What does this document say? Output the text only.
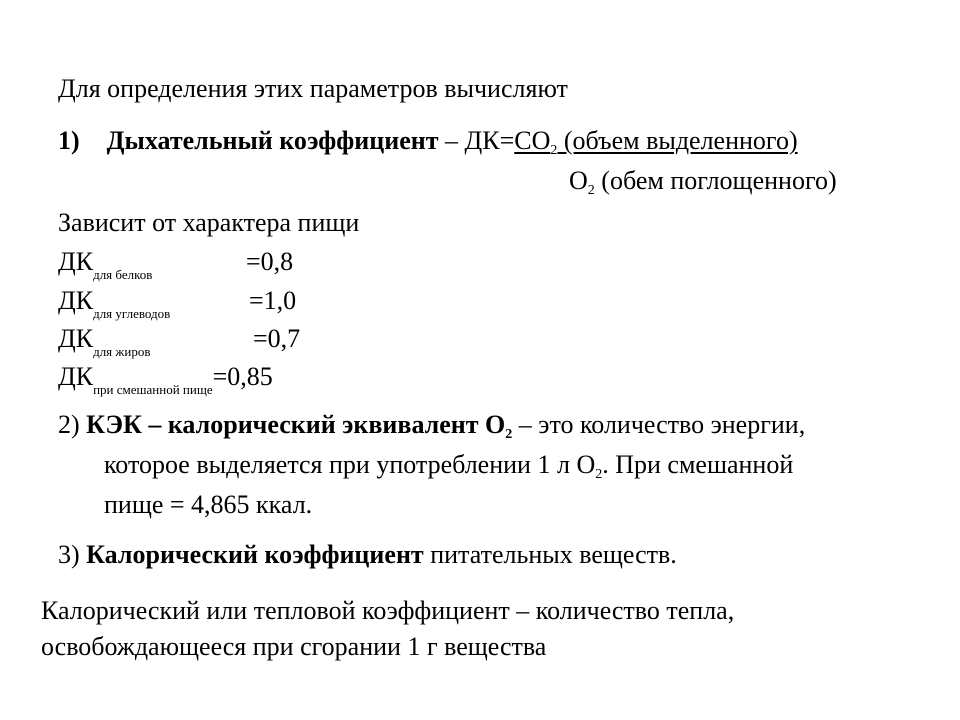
Для определения этих параметров вычисляют
1) Дыхательный коэффициент – $ДК=CO_2$ (объем выделенного)
$O_2$ (обем поглощенного)
Зависит от характера пищи
$ДК_{для белков}$	=0,8
$ДК_{для углеводов}$	=1,0
$ДК_{для жиров}$	=0,7
$ДК_{при смешанной пище}=0,85$
2) КЭК – калорический эквивалент $О_2$ – это количество энергии,
которое выделяется при употреблении 1 л $О_2$. При смешанной
пище = 4,865 ккал.
3) Калорический коэффициент питательных веществ.
Калорический или тепловой коэффициент – количество тепла,
освобождающееся при сгорании 1 г вещества
